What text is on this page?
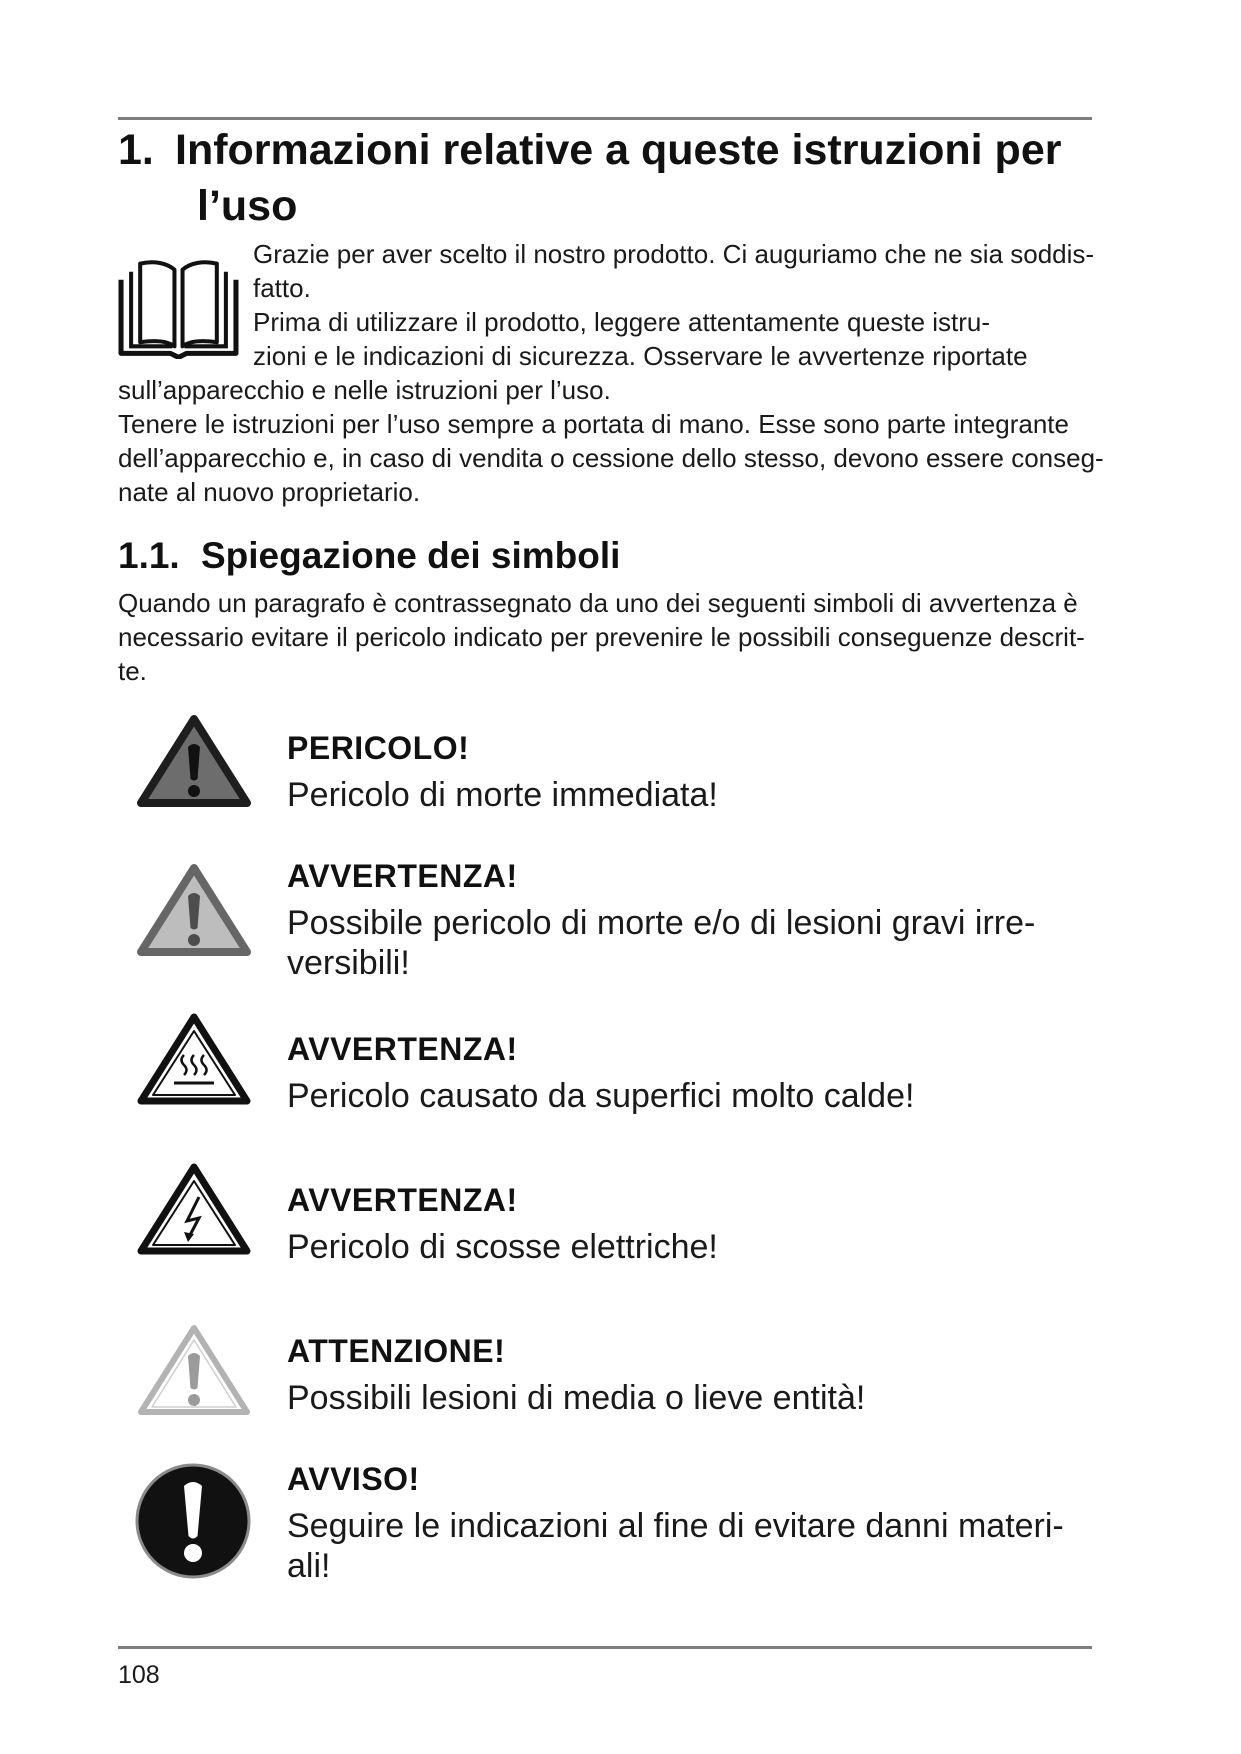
1. Informazioni relative a queste istruzioni per
l’uso
Grazie per aver scelto il nostro prodotto. Ci auguriamo che ne sia soddis-
fatto.
Prima di utilizzare il prodotto, leggere attentamente queste istru-
zioni e le indicazioni di sicurezza. Osservare le avvertenze riportate
sull’apparecchio e nelle istruzioni per l’uso.
Tenere le istruzioni per l’uso sempre a portata di mano. Esse sono parte integrante
dell’apparecchio e, in caso di vendita o cessione dello stesso, devono essere conseg-
nate al nuovo proprietario.
1.1. Spiegazione dei simboli
Quando un paragrafo è contrassegnato da uno dei seguenti simboli di avvertenza è
necessario evitare il pericolo indicato per prevenire le possibili conseguenze descrit-
te.
PERICOLO!
Pericolo di morte immediata!
AVVERTENZA!
Possibile pericolo di morte e/o di lesioni gravi irre-
versibili!
AVVERTENZA!
Pericolo causato da superfici molto calde!
AVVERTENZA!
Pericolo di scosse elettriche!
ATTENZIONE!
Possibili lesioni di media o lieve entità!
AVVISO!
Seguire le indicazioni al fine di evitare danni materi-
ali!
108
